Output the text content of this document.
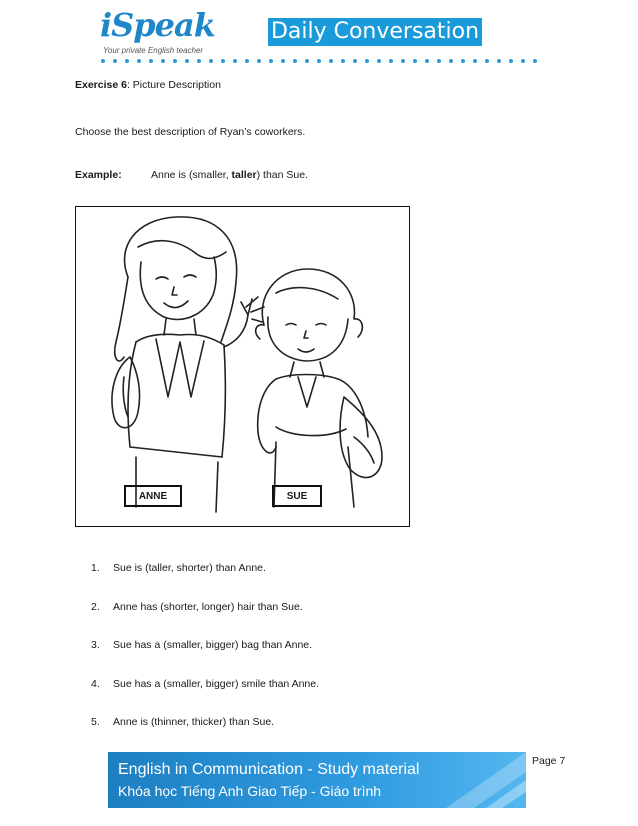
iSpeak
Your private English teacher
Daily Conversation
Exercise 6: Picture Description
Choose the best description of Ryan’s coworkers.
Example:	Anne is (smaller, taller) than Sue.
ANNE	SUE
1. Sue is (taller, shorter) than Anne.
2. Anne has (shorter, longer) hair than Sue.
3. Sue has a (smaller, bigger) bag than Anne.
4. Sue has a (smaller, bigger) smile than Anne.
5. Anne is (thinner, thicker) than Sue.
English in Communication - Study material
Khóa học Tiếng Anh Giao Tiếp - Giáo trình
Page 7
